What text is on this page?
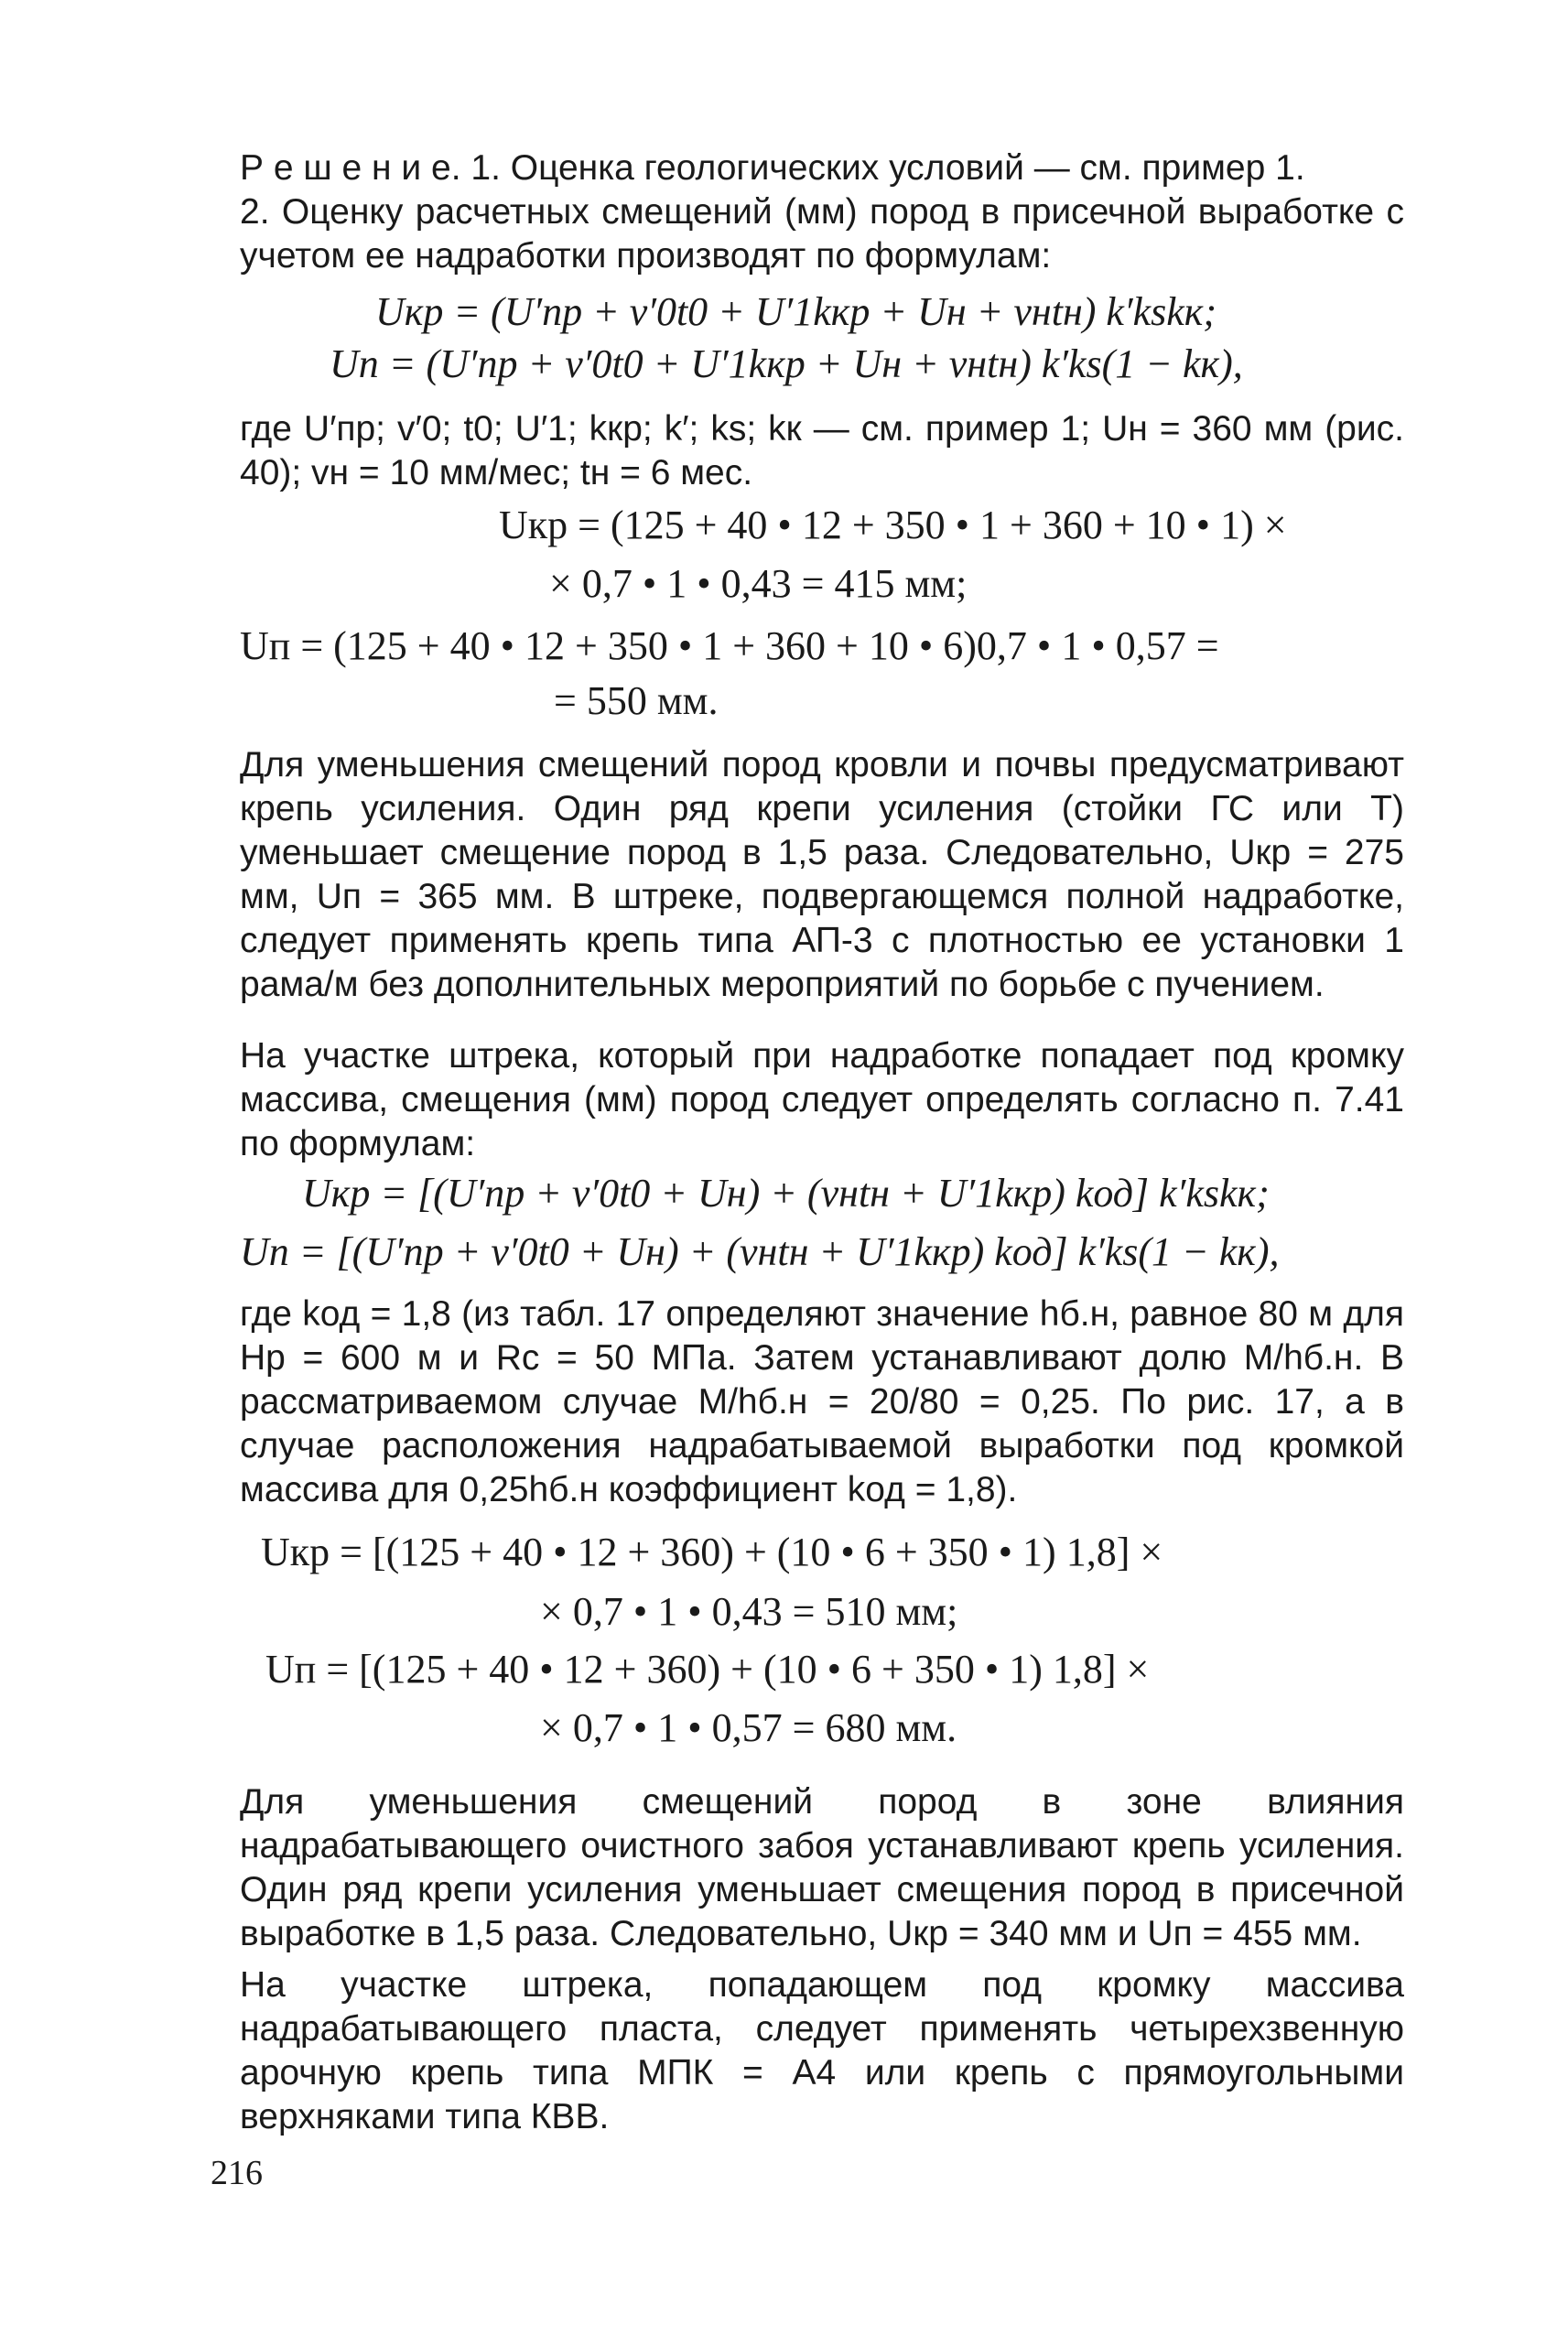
Р е ш е н и е. 1. Оценка геологических условий — см. пример 1.
2. Оценку расчетных смещений (мм) пород в присечной выработке с учетом ее надработки производят по формулам:

Uкр = (U′пр + v′0t0 + U′1kкр + Uн + vнtн) k′kskк;
Uп = (U′пр + v′0t0 + U′1kкр + Uн + vнtн) k′ks(1 − kк),

где U′пр; v′0; t0; U′1; kкр; k′; ks; kк — см. пример 1; Uн = 360 мм (рис. 40); vн = 10 мм/мес; tн = 6 мес.

Uкр = (125 + 40 • 12 + 350 • 1 + 360 + 10 • 1) ×
× 0,7 • 1 • 0,43 = 415 мм;
Uп = (125 + 40 • 12 + 350 • 1 + 360 + 10 • 6)0,7 • 1 • 0,57 =
= 550 мм.

Для уменьшения смещений пород кровли и почвы предусматривают крепь усиления. Один ряд крепи усиления (стойки ГС или Т) уменьшает смещение пород в 1,5 раза. Следовательно, Uкр = 275 мм, Uп = 365 мм. В штреке, подвергающемся полной надработке, следует применять крепь типа АП-3 с плотностью ее установки 1 рама/м без дополнительных мероприятий по борьбе с пучением.

На участке штрека, который при надработке попадает под кромку массива, смещения (мм) пород следует определять согласно п. 7.41 по формулам:

Uкр = [(U′пр + v′0t0 + Uн) + (vнtн + U′1kкр) kод] k′kskк;
Uп = [(U′пр + v′0t0 + Uн) + (vнtн + U′1kкр) kод] k′ks(1 − kк),

где kод = 1,8 (из табл. 17 определяют значение hб.н, равное 80 м для Hр = 600 м и Rс = 50 МПа. Затем устанавливают долю M/hб.н. В рассматриваемом случае M/hб.н = 20/80 = 0,25. По рис. 17, а в случае расположения надрабатываемой выработки под кромкой массива для 0,25hб.н коэффициент kод = 1,8).

Uкр = [(125 + 40 • 12 + 360) + (10 • 6 + 350 • 1) 1,8] ×
× 0,7 • 1 • 0,43 = 510 мм;
Uп = [(125 + 40 • 12 + 360) + (10 • 6 + 350 • 1) 1,8] ×
× 0,7 • 1 • 0,57 = 680 мм.

Для уменьшения смещений пород в зоне влияния надрабатывающего очистного забоя устанавливают крепь усиления. Один ряд крепи усиления уменьшает смещения пород в присечной выработке в 1,5 раза. Следовательно, Uкр = 340 мм и Uп = 455 мм.

На участке штрека, попадающем под кромку массива надрабатывающего пласта, следует применять четырехзвенную арочную крепь типа МПК = А4 или крепь с прямоугольными верхняками типа КВВ.

216
